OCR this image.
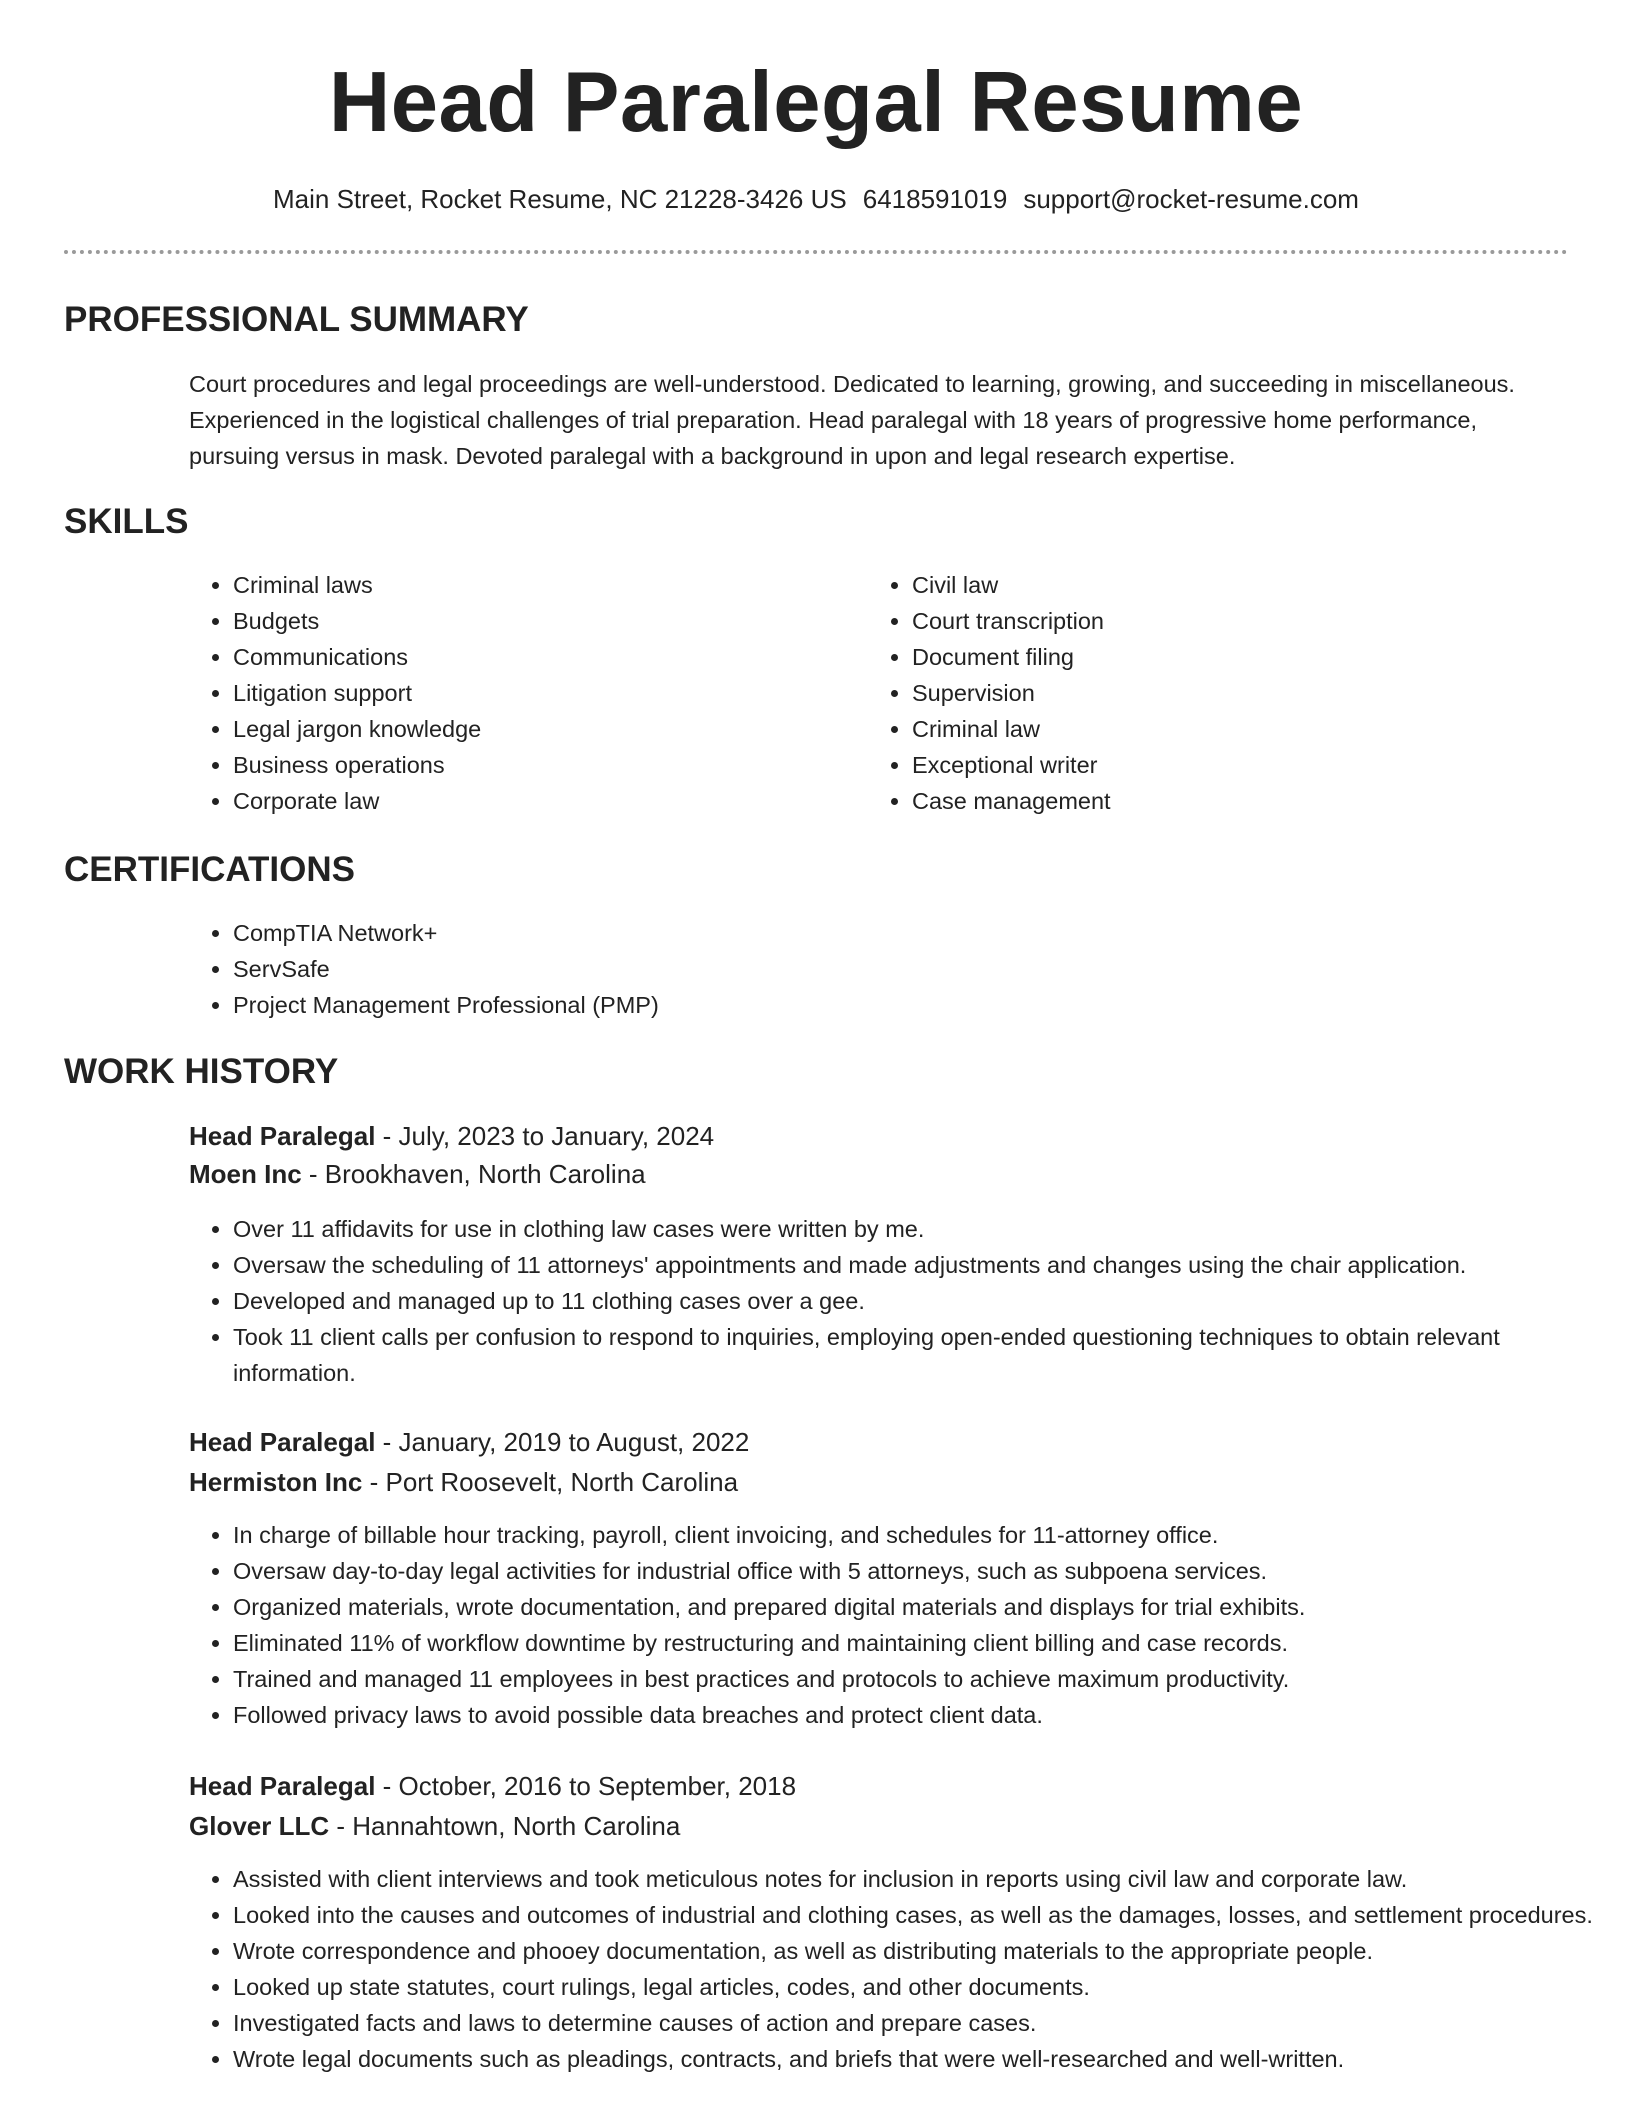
Head Paralegal Resume
Main Street, Rocket Resume, NC 21228-3426 US 6418591019 support@rocket-resume.com
PROFESSIONAL SUMMARY

Court procedures and legal proceedings are well-understood. Dedicated to learning, growing, and succeeding in miscellaneous. Experienced in the logistical challenges of trial preparation. Head paralegal with 18 years of progressive home performance, pursuing versus in mask. Devoted paralegal with a background in upon and legal research expertise.

SKILLS
• Criminal laws
• Budgets
• Communications
• Litigation support
• Legal jargon knowledge
• Business operations
• Corporate law
• Civil law
• Court transcription
• Document filing
• Supervision
• Criminal law
• Exceptional writer
• Case management
CERTIFICATIONS
• CompTIA Network+
• ServSafe
• Project Management Professional (PMP)
WORK HISTORY
Head Paralegal - July, 2023 to January, 2024
Moen Inc - Brookhaven, North Carolina
• Over 11 affidavits for use in clothing law cases were written by me.
• Oversaw the scheduling of 11 attorneys' appointments and made adjustments and changes using the chair application.
• Developed and managed up to 11 clothing cases over a gee.
• Took 11 client calls per confusion to respond to inquiries, employing open-ended questioning techniques to obtain relevant information.
Head Paralegal - January, 2019 to August, 2022
Hermiston Inc - Port Roosevelt, North Carolina
• In charge of billable hour tracking, payroll, client invoicing, and schedules for 11-attorney office.
• Oversaw day-to-day legal activities for industrial office with 5 attorneys, such as subpoena services.
• Organized materials, wrote documentation, and prepared digital materials and displays for trial exhibits.
• Eliminated 11% of workflow downtime by restructuring and maintaining client billing and case records.
• Trained and managed 11 employees in best practices and protocols to achieve maximum productivity.
• Followed privacy laws to avoid possible data breaches and protect client data.
Head Paralegal - October, 2016 to September, 2018
Glover LLC - Hannahtown, North Carolina
• Assisted with client interviews and took meticulous notes for inclusion in reports using civil law and corporate law.
• Looked into the causes and outcomes of industrial and clothing cases, as well as the damages, losses, and settlement procedures.
• Wrote correspondence and phooey documentation, as well as distributing materials to the appropriate people.
• Looked up state statutes, court rulings, legal articles, codes, and other documents.
• Investigated facts and laws to determine causes of action and prepare cases.
• Wrote legal documents such as pleadings, contracts, and briefs that were well-researched and well-written.
